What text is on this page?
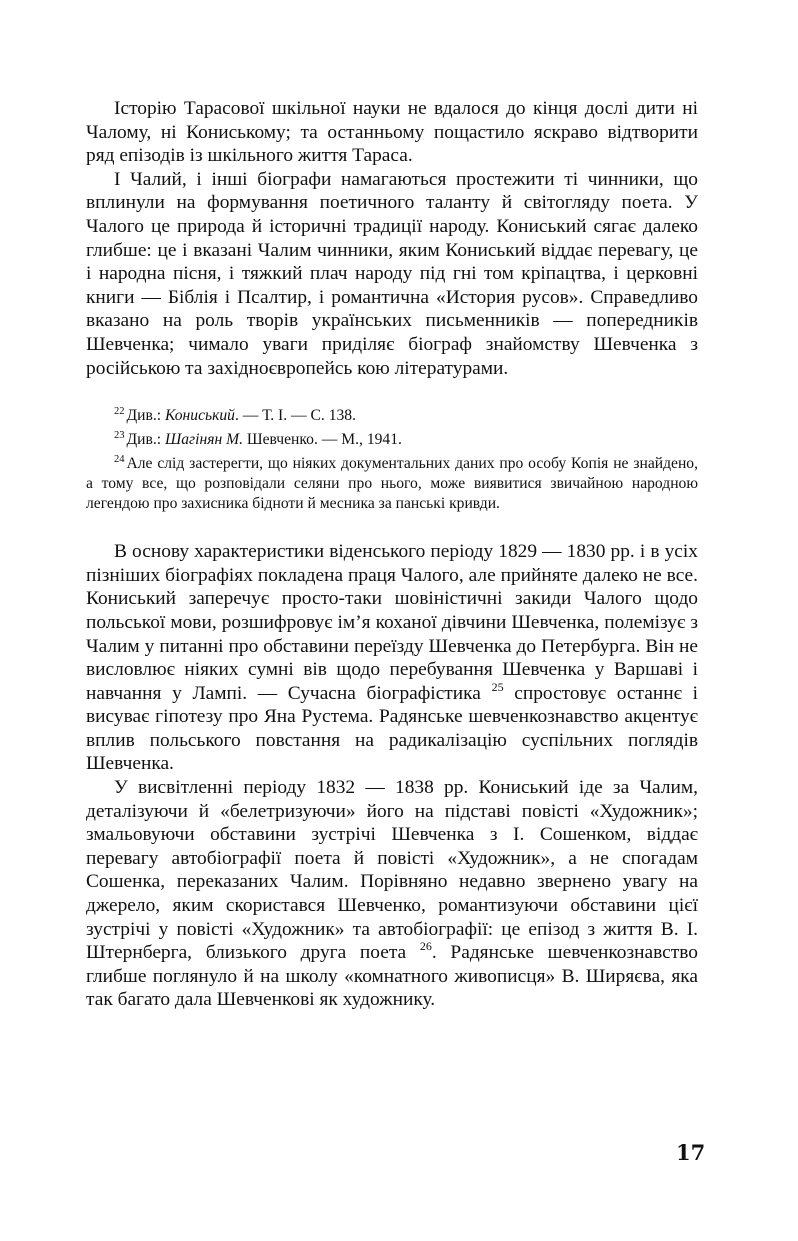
Історію Тарасової шкільної науки не вдалося до кінця дослі дити ні Чалому, ні Кониському; та останньому пощастило яскраво відтворити ряд епізодів із шкільного життя Тараса.

І Чалий, і інші біографи намагаються простежити ті чинники, що вплинули на формування поетичного таланту й світогляду поета. У Чалого це природа й історичні традиції народу. Кониський сягає далеко глибше: це і вказані Чалим чинники, яким Кониський віддає перевагу, це і народна пісня, і тяжкий плач народу під гні том кріпацтва, і церковні книги — Біблія і Псалтир, і романтична «История русов». Справедливо вказано на роль творів українських письменників — попередників Шевченка; чимало уваги приділяє біограф знайомству Шевченка з російською та західноєвропейсь кою літературами.

$^{22}$ Див.: Кониський. — Т. І. — С. 138.

$^{23}$ Див.: Шагінян М. Шевченко. — М., 1941.

$^{24}$ Але слід застерегти, що ніяких документальних даних про особу Копія не знайдено, а тому все, що розповідали селяни про нього, може виявитися звичайною народною легендою про захисника бідноти й месника за панські кривди.

В основу характеристики віденського періоду 1829 — 1830 рр. і в усіх пізніших біографіях покладена праця Чалого, але прийняте далеко не все. Кониський заперечує просто-таки шовіністичні закиди Чалого щодо польської мови, розшифровує ім’я коханої дівчини Шевченка, полемізує з Чалим у питанні про обставини переїзду Шевченка до Петербурга. Він не висловлює ніяких сумні вів щодо перебування Шевченка у Варшаві і навчання у Лампі. — Сучасна біографістика $^{25}$ спростовує останнє і висуває гіпотезу про Яна Рустема. Радянське шевченкознавство акцентує вплив польського повстання на радикалізацію суспільних поглядів Шевченка.

У висвітленні періоду 1832 — 1838 рр. Кониський іде за Чалим, деталізуючи й «белетризуючи» його на підставі повісті «Художник»; змальовуючи обставини зустрічі Шевченка з І. Сошенком, віддає перевагу автобіографії поета й повісті «Художник», а не спогадам Сошенка, переказаних Чалим. Порівняно недавно звернено увагу на джерело, яким скористався Шевченко, романтизуючи обставини цієї зустрічі у повісті «Художник» та автобіографії: це епізод з життя В. І. Штернберга, близького друга поета $^{26}$. Радянське шевченкознавство глибше поглянуло й на школу «комнатного живописця» В. Ширяєва, яка так багато дала Шевченкові як художнику.

17
